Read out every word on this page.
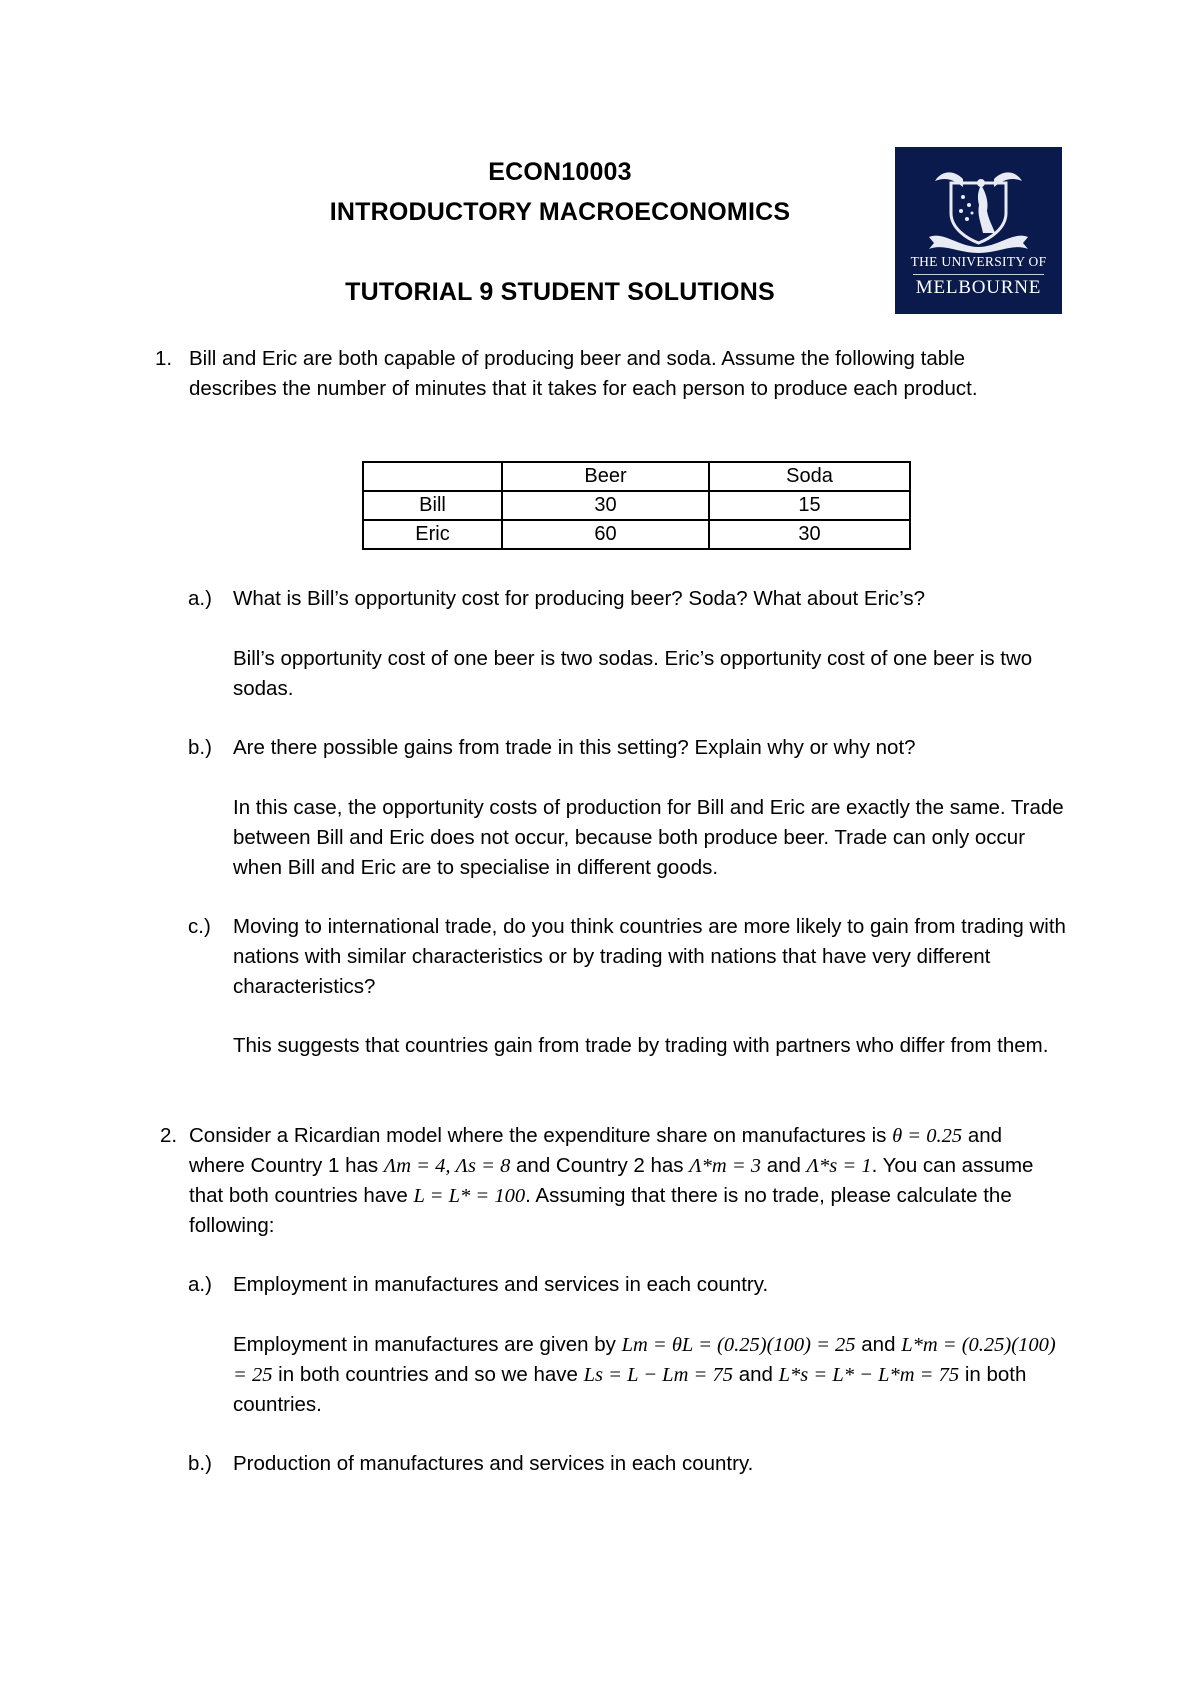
ECON10003
INTRODUCTORY MACROECONOMICS
TUTORIAL 9 STUDENT SOLUTIONS
THE UNIVERSITY OF
MELBOURNE
1. Bill and Eric are both capable of producing beer and soda. Assume the following table describes the number of minutes that it takes for each person to produce each product.
	Beer	Soda
Bill	30	15
Eric	60	30
a.) What is Bill’s opportunity cost for producing beer? Soda? What about Eric’s?
Bill’s opportunity cost of one beer is two sodas. Eric’s opportunity cost of one beer is two sodas.
b.) Are there possible gains from trade in this setting? Explain why or why not?
In this case, the opportunity costs of production for Bill and Eric are exactly the same. Trade between Bill and Eric does not occur, because both produce beer. Trade can only occur when Bill and Eric are to specialise in different goods.
c.) Moving to international trade, do you think countries are more likely to gain from trading with nations with similar characteristics or by trading with nations that have very different characteristics?
This suggests that countries gain from trade by trading with partners who differ from them.
2. Consider a Ricardian model where the expenditure share on manufactures is θ = 0.25 and where Country 1 has Λm = 4, Λs = 8 and Country 2 has Λ*m = 3 and Λ*s = 1. You can assume that both countries have L = L* = 100. Assuming that there is no trade, please calculate the following:
a.) Employment in manufactures and services in each country.
Employment in manufactures are given by Lm = θL = (0.25)(100) = 25 and L*m = (0.25)(100) = 25 in both countries and so we have Ls = L − Lm = 75 and L*s = L* − L*m = 75 in both countries.
b.) Production of manufactures and services in each country.
